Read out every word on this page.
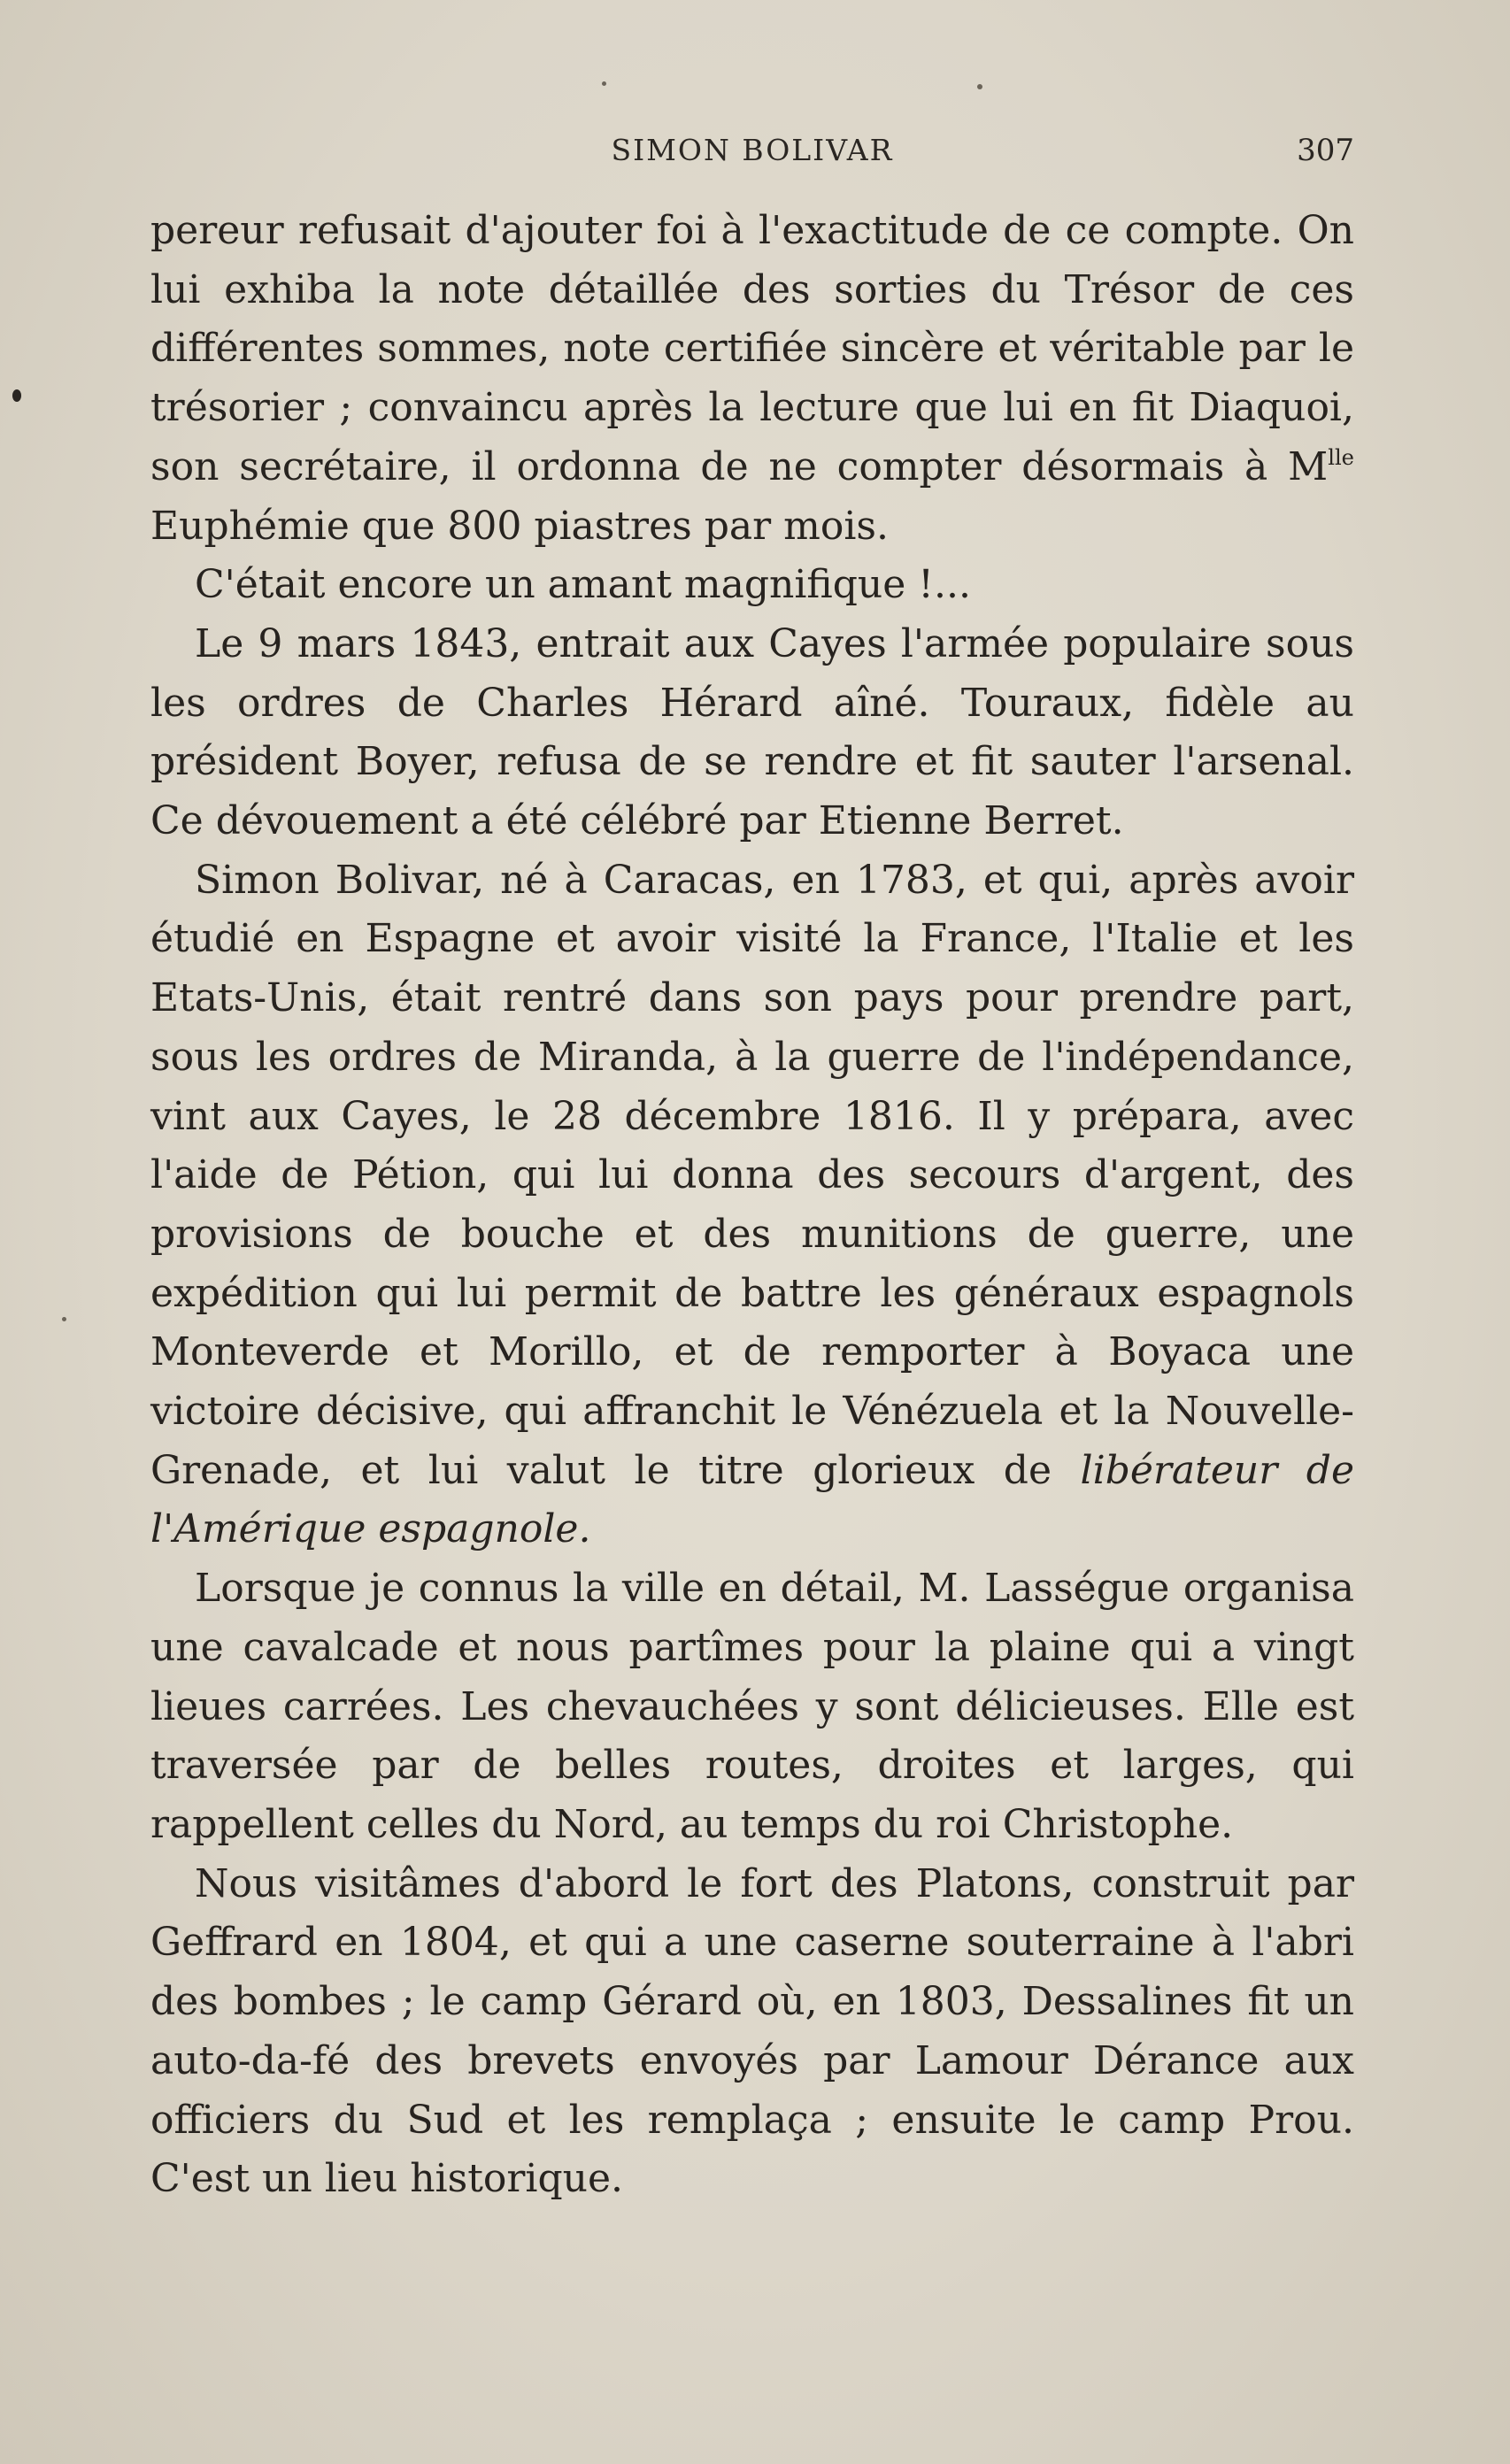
SIMON BOLIVAR	307

pereur refusait d'ajouter foi à l'exactitude de ce compte. On lui exhiba la note détaillée des sorties du Trésor de ces différentes sommes, note certifiée sincère et véritable par le trésorier ; convaincu après la lecture que lui en fit Diaquoi, son secrétaire, il ordonna de ne compter désormais à $M^{lle}$ Euphémie que 800 piastres par mois.

C'était encore un amant magnifique !...

Le 9 mars 1843, entrait aux Cayes l'armée populaire sous les ordres de Charles Hérard aîné. Touraux, fidèle au président Boyer, refusa de se rendre et fit sauter l'arsenal. Ce dévouement a été célébré par Etienne Berret.

Simon Bolivar, né à Caracas, en 1783, et qui, après avoir étudié en Espagne et avoir visité la France, l'Italie et les Etats-Unis, était rentré dans son pays pour prendre part, sous les ordres de Miranda, à la guerre de l'indépendance, vint aux Cayes, le 28 décembre 1816. Il y prépara, avec l'aide de Pétion, qui lui donna des secours d'argent, des provisions de bouche et des munitions de guerre, une expédition qui lui permit de battre les généraux espagnols Monteverde et Morillo, et de remporter à Boyaca une victoire décisive, qui affranchit le Vénézuela et la Nouvelle-Grenade, et lui valut le titre glorieux de libérateur de l'Amérique espagnole.

Lorsque je connus la ville en détail, M. Lasségue organisa une cavalcade et nous partîmes pour la plaine qui a vingt lieues carrées. Les chevauchées y sont délicieuses. Elle est traversée par de belles routes, droites et larges, qui rappellent celles du Nord, au temps du roi Christophe.

Nous visitâmes d'abord le fort des Platons, construit par Geffrard en 1804, et qui a une caserne souterraine à l'abri des bombes ; le camp Gérard où, en 1803, Dessalines fit un auto-da-fé des brevets envoyés par Lamour Dérance aux officiers du Sud et les remplaça ; ensuite le camp Prou. C'est un lieu historique.
